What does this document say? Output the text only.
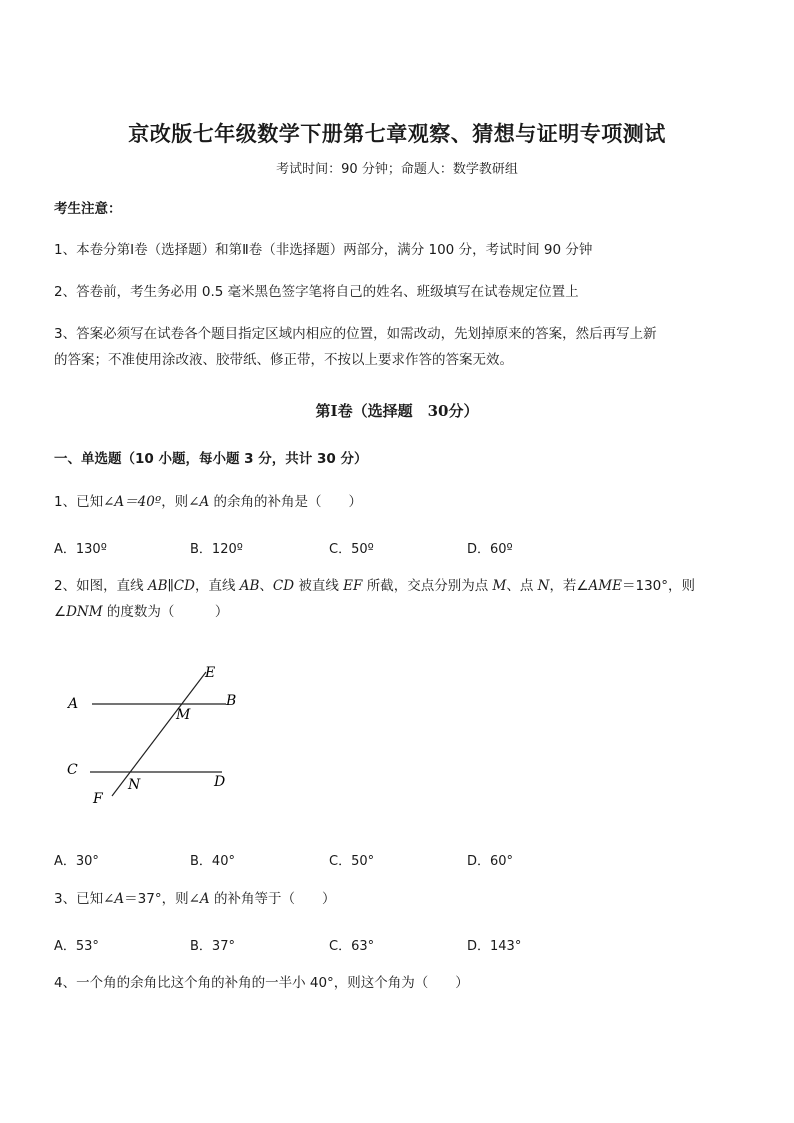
京改版七年级数学下册第七章观察、猜想与证明专项测试
考试时间：90 分钟；命题人：数学教研组
考生注意：
1、本卷分第Ⅰ卷（选择题）和第Ⅱ卷（非选择题）两部分，满分 100 分，考试时间 90 分钟
2、答卷前，考生务必用 0.5 毫米黑色签字笔将自己的姓名、班级填写在试卷规定位置上
3、答案必须写在试卷各个题目指定区域内相应的位置，如需改动，先划掉原来的答案，然后再写上新
的答案；不准使用涂改液、胶带纸、修正带，不按以上要求作答的答案无效。
第Ⅰ卷（选择题　30分）
一、单选题（10 小题，每小题 3 分，共计 30 分）
1、已知∠A＝40º，则∠A 的余角的补角是（　　）
A．130º	B．120º	C．50º	D．60º
2、如图，直线 AB∥CD，直线 AB、CD 被直线 EF 所截，交点分别为点 M、点 N，若∠AME＝130°，则
∠DNM 的度数为（　　　）
A	B
C
D
E
F
M
N
A．30°	B．40°	C．50°	D．60°
3、已知∠A＝37°，则∠A 的补角等于（　　）
A．53°	B．37°	C．63°	D．143°
4、一个角的余角比这个角的补角的一半小 40°，则这个角为（　　）
